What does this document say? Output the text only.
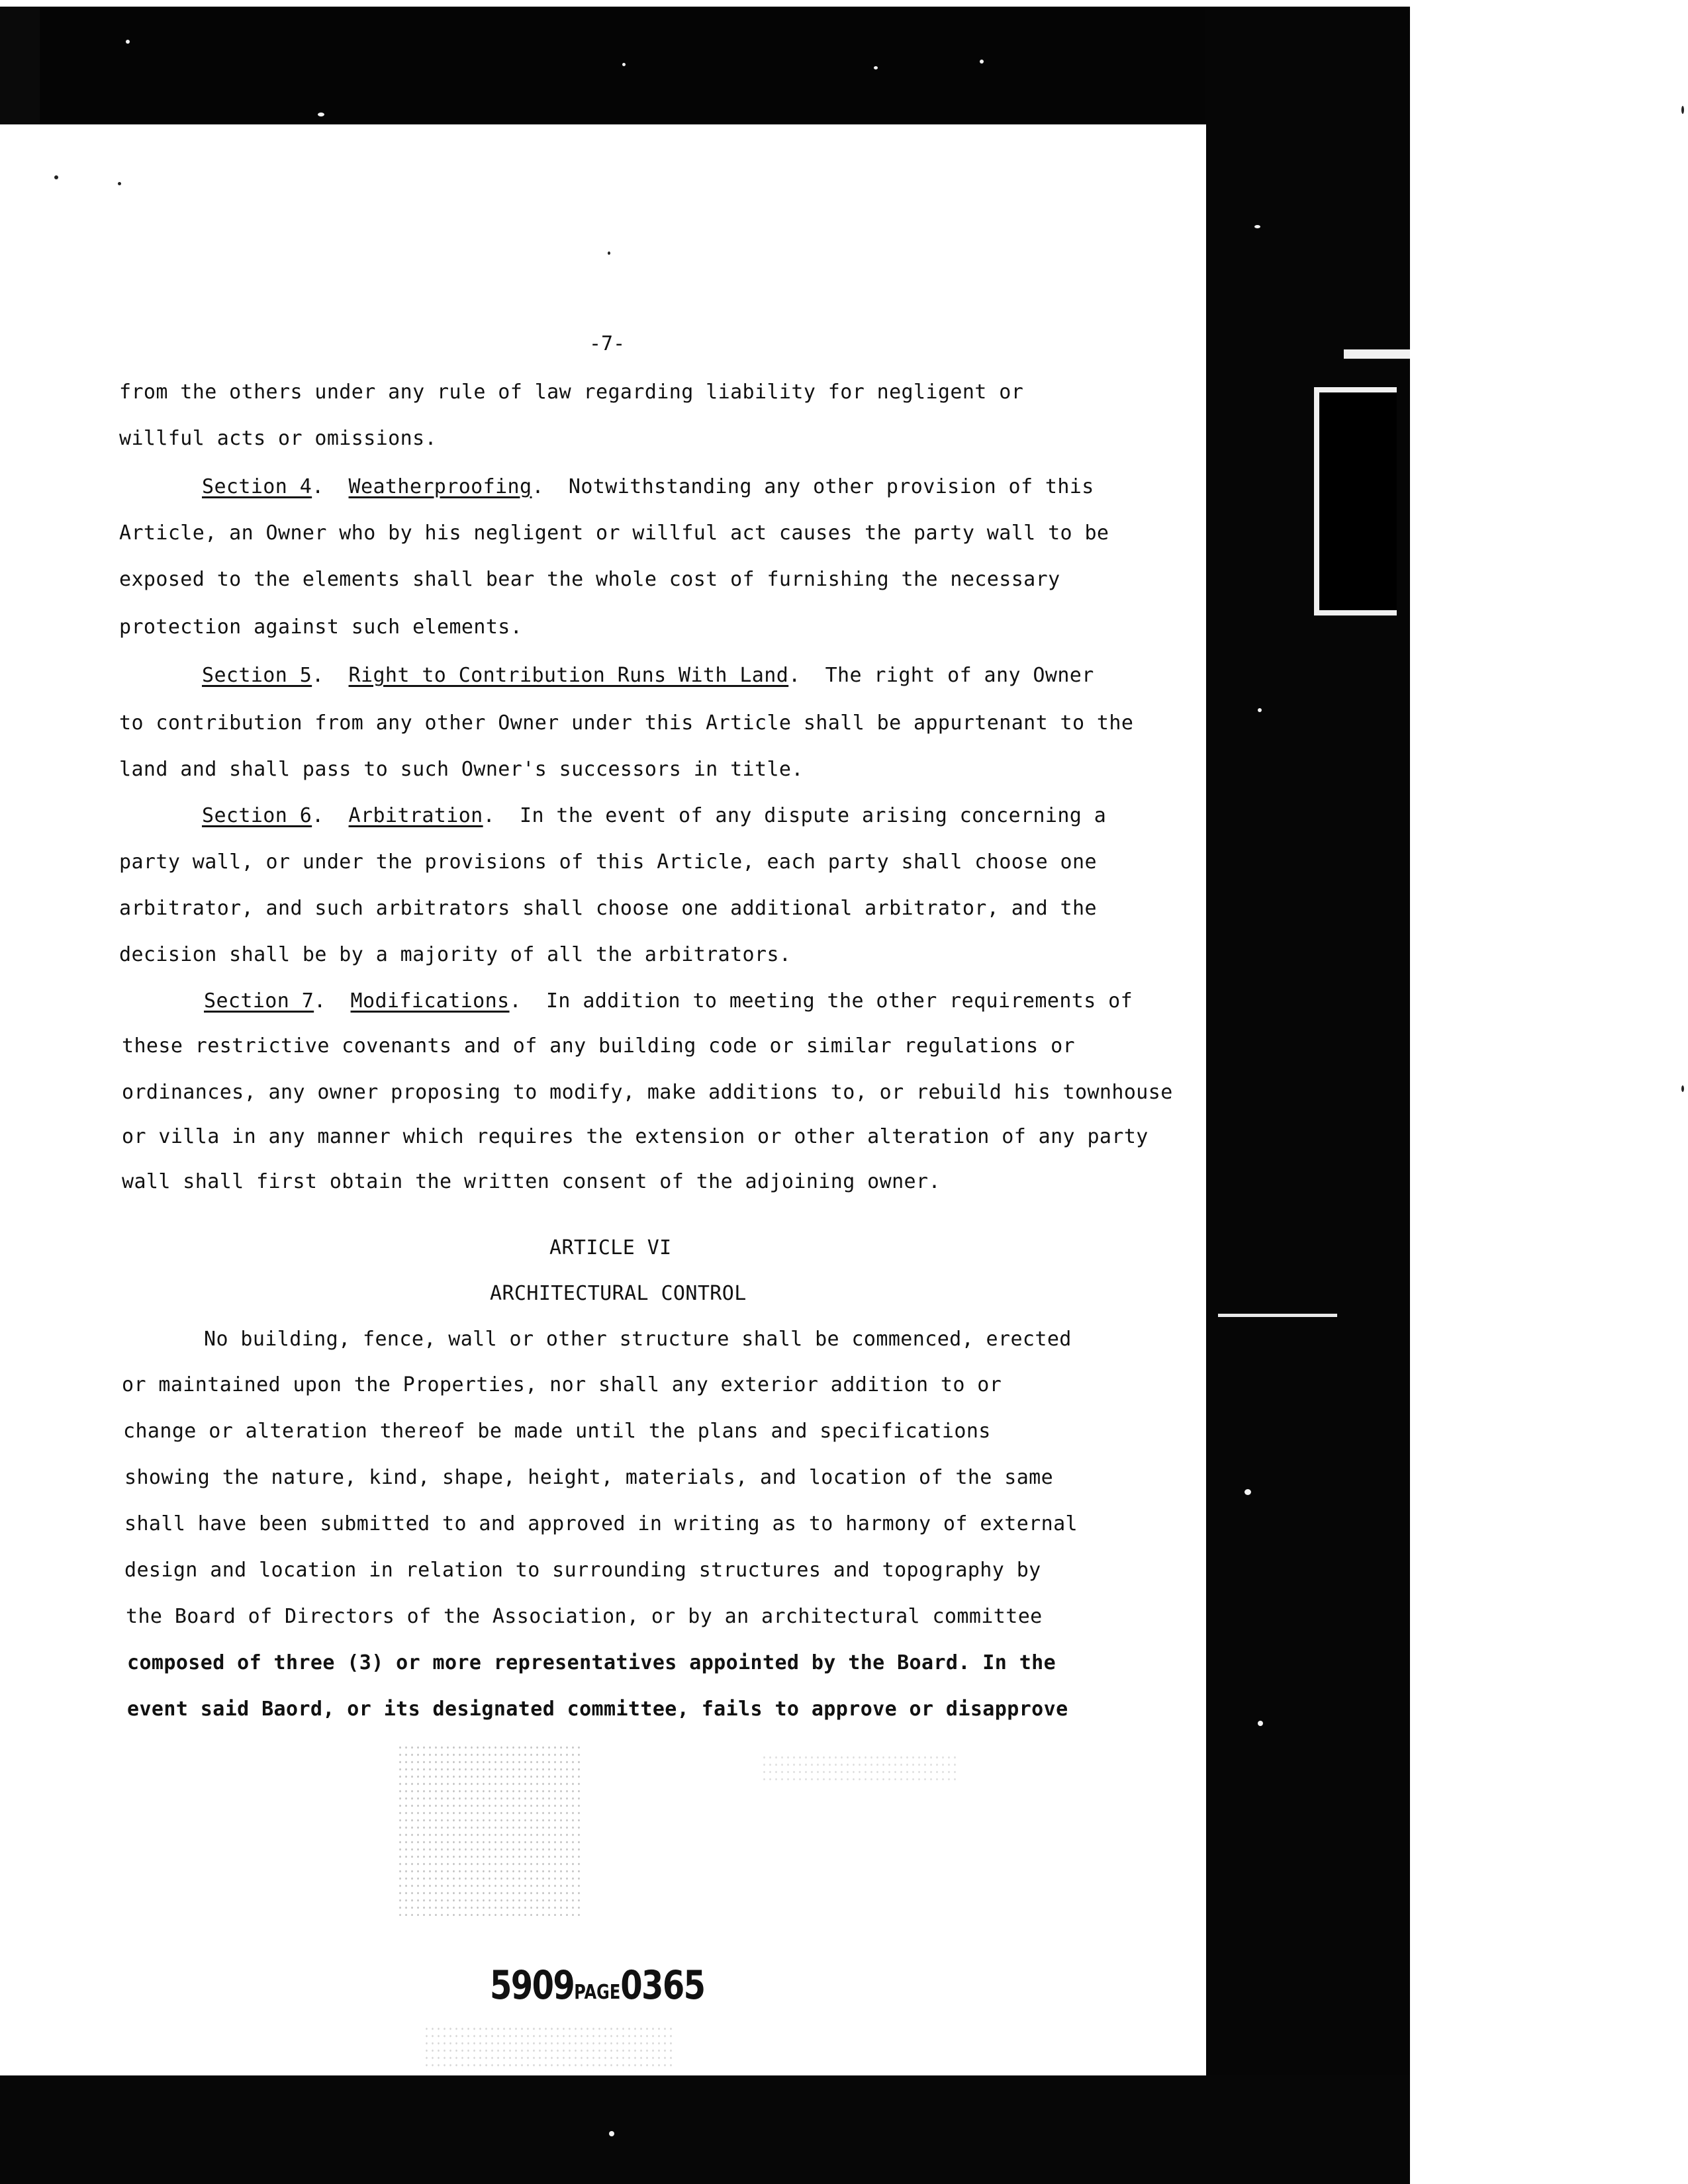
-7-
from the others under any rule of law regarding liability for negligent or
willful acts or omissions.
Section 4.  Weatherproofing.  Notwithstanding any other provision of this
Article, an Owner who by his negligent or willful act causes the party wall to be
exposed to the elements shall bear the whole cost of furnishing the necessary
protection against such elements.
Section 5.  Right to Contribution Runs With Land.  The right of any Owner
to contribution from any other Owner under this Article shall be appurtenant to the
land and shall pass to such Owner's successors in title.
Section 6.  Arbitration.  In the event of any dispute arising concerning a
party wall, or under the provisions of this Article, each party shall choose one
arbitrator, and such arbitrators shall choose one additional arbitrator, and the
decision shall be by a majority of all the arbitrators.
Section 7.  Modifications.  In addition to meeting the other requirements of
these restrictive covenants and of any building code or similar regulations or
ordinances, any owner proposing to modify, make additions to, or rebuild his townhouse
or villa in any manner which requires the extension or other alteration of any party
wall shall first obtain the written consent of the adjoining owner.
ARTICLE VI
ARCHITECTURAL CONTROL
No building, fence, wall or other structure shall be commenced, erected
or maintained upon the Properties, nor shall any exterior addition to or
change or alteration thereof be made until the plans and specifications
showing the nature, kind, shape, height, materials, and location of the same
shall have been submitted to and approved in writing as to harmony of external
design and location in relation to surrounding structures and topography by
the Board of Directors of the Association, or by an architectural committee
composed of three (3) or more representatives appointed by the Board. In the
event said Baord, or its designated committee, fails to approve or disapprove
5909PAGE0365
